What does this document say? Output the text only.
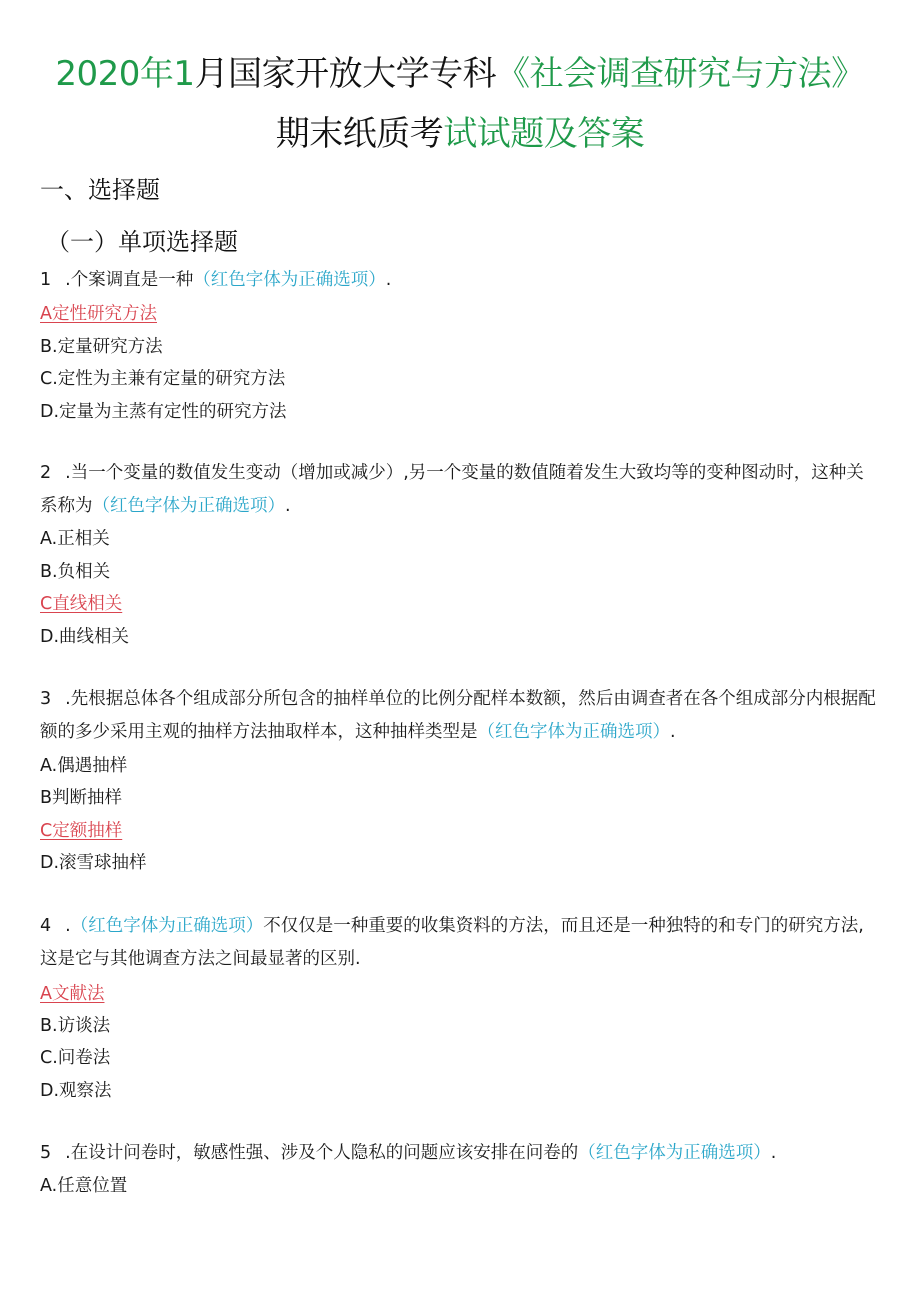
2020年1月国家开放大学专科《社会调查研究与方法》
期末纸质考试试题及答案
一、选择题
（一）单项选择题
1 .个案调直是一种（红色字体为正确选项）.
A定性研究方法
B.定量研究方法
C.定性为主兼有定量的研究方法
D.定量为主蒸有定性的研究方法
2 .当一个变量的数值发生变动（增加或减少）,另一个变量的数值随着发生大致均等的变种图动时，这种关系称为（红色字体为正确选项）.
A.正相关
B.负相关
C直线相关
D.曲线相关
3 .先根据总体各个组成部分所包含的抽样单位的比例分配样本数额，然后由调查者在各个组成部分内根据配额的多少采用主观的抽样方法抽取样本，这种抽样类型是（红色字体为正确选项）.
A.偶遇抽样
B判断抽样
C定额抽样
D.滚雪球抽样
4 .（红色字体为正确选项）不仅仅是一种重要的收集资料的方法，而且还是一种独特的和专门的研究方法,这是它与其他调查方法之间最显著的区别.
A文献法
B.访谈法
C.问卷法
D.观察法
5 .在设计问卷时，敏感性强、涉及个人隐私的问题应该安排在问卷的（红色字体为正确选项）.
A.任意位置
